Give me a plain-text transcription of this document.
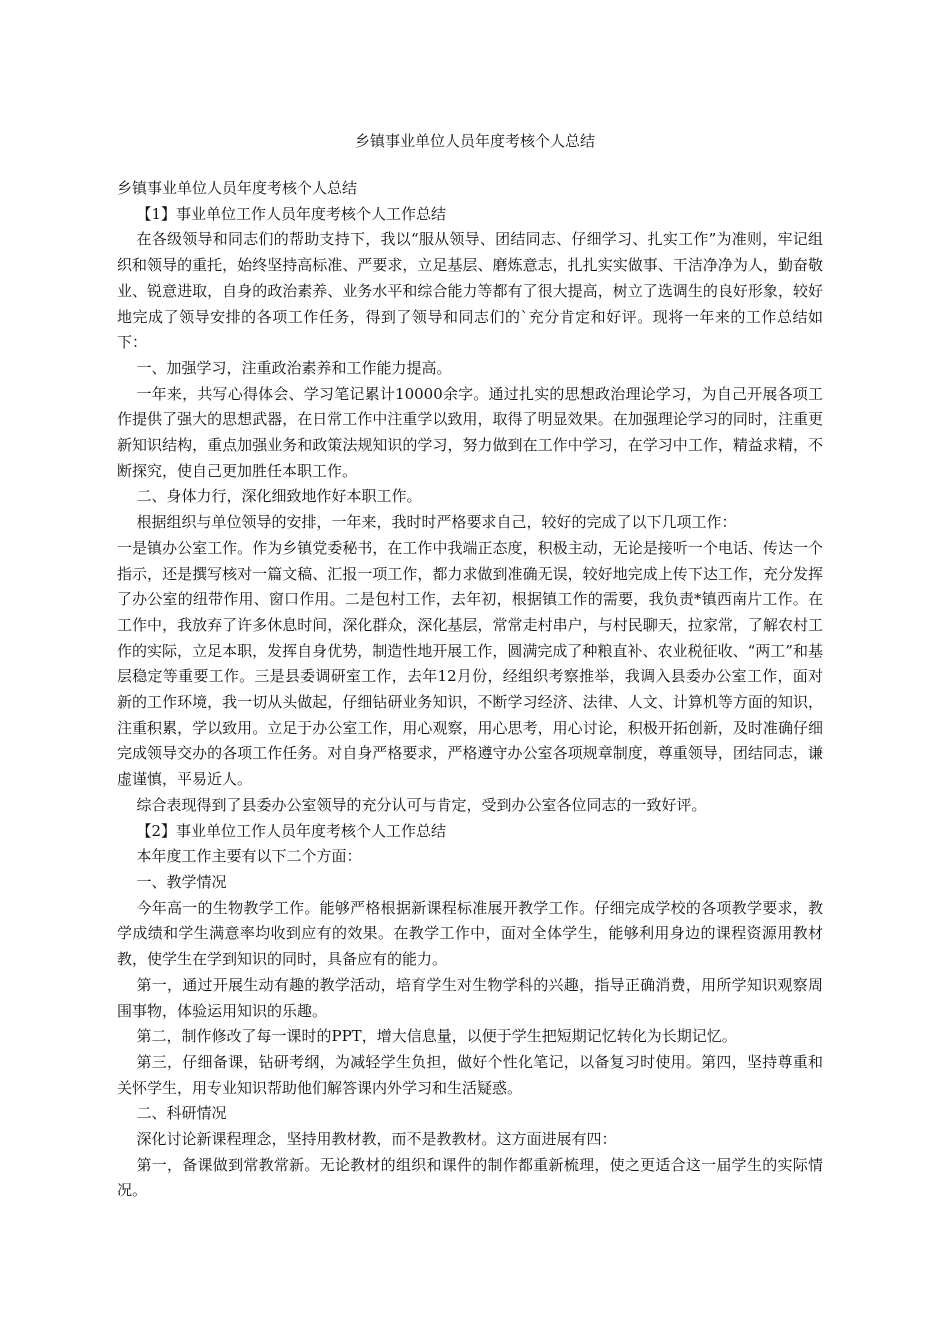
乡镇事业单位人员年度考核个人总结

乡镇事业单位人员年度考核个人总结

【1】事业单位工作人员年度考核个人工作总结

在各级领导和同志们的帮助支持下，我以“服从领导、团结同志、仔细学习、扎实工作”为准则，牢记组织和领导的重托，始终坚持高标准、严要求，立足基层、磨炼意志，扎扎实实做事、干洁净净为人，勤奋敬业、锐意进取，自身的政治素养、业务水平和综合能力等都有了很大提高，树立了选调生的良好形象，较好地完成了领导安排的各项工作任务，得到了领导和同志们的`充分肯定和好评。现将一年来的工作总结如下：

一、加强学习，注重政治素养和工作能力提高。

一年来，共写心得体会、学习笔记累计10000余字。通过扎实的思想政治理论学习，为自己开展各项工作提供了强大的思想武器，在日常工作中注重学以致用，取得了明显效果。在加强理论学习的同时，注重更新知识结构，重点加强业务和政策法规知识的学习，努力做到在工作中学习，在学习中工作，精益求精，不断探究，使自己更加胜任本职工作。

二、身体力行，深化细致地作好本职工作。

根据组织与单位领导的安排，一年来，我时时严格要求自己，较好的完成了以下几项工作：

一是镇办公室工作。作为乡镇党委秘书，在工作中我端正态度，积极主动，无论是接听一个电话、传达一个指示，还是撰写核对一篇文稿、汇报一项工作，都力求做到准确无误，较好地完成上传下达工作，充分发挥了办公室的纽带作用、窗口作用。二是包村工作，去年初，根据镇工作的需要，我负责*镇西南片工作。在工作中，我放弃了许多休息时间，深化群众，深化基层，常常走村串户，与村民聊天，拉家常，了解农村工作的实际，立足本职，发挥自身优势，制造性地开展工作，圆满完成了种粮直补、农业税征收、“两工”和基层稳定等重要工作。三是县委调研室工作，去年12月份，经组织考察推举，我调入县委办公室工作，面对新的工作环境，我一切从头做起，仔细钻研业务知识，不断学习经济、法律、人文、计算机等方面的知识，注重积累，学以致用。立足于办公室工作，用心观察，用心思考，用心讨论，积极开拓创新，及时准确仔细完成领导交办的各项工作任务。对自身严格要求，严格遵守办公室各项规章制度，尊重领导，团结同志，谦虚谨慎，平易近人。

综合表现得到了县委办公室领导的充分认可与肯定，受到办公室各位同志的一致好评。

【2】事业单位工作人员年度考核个人工作总结

本年度工作主要有以下二个方面：

一、教学情况

今年高一的生物教学工作。能够严格根据新课程标准展开教学工作。仔细完成学校的各项教学要求，教学成绩和学生满意率均收到应有的效果。在教学工作中，面对全体学生，能够利用身边的课程资源用教材教，使学生在学到知识的同时，具备应有的能力。

第一，通过开展生动有趣的教学活动，培育学生对生物学科的兴趣，指导正确消费，用所学知识观察周围事物，体验运用知识的乐趣。

第二，制作修改了每一课时的PPT，增大信息量，以便于学生把短期记忆转化为长期记忆。

第三，仔细备课，钻研考纲，为减轻学生负担，做好个性化笔记，以备复习时使用。第四，坚持尊重和关怀学生，用专业知识帮助他们解答课内外学习和生活疑惑。

二、科研情况

深化讨论新课程理念，坚持用教材教，而不是教教材。这方面进展有四：

第一，备课做到常教常新。无论教材的组织和课件的制作都重新梳理，使之更适合这一届学生的实际情况。
